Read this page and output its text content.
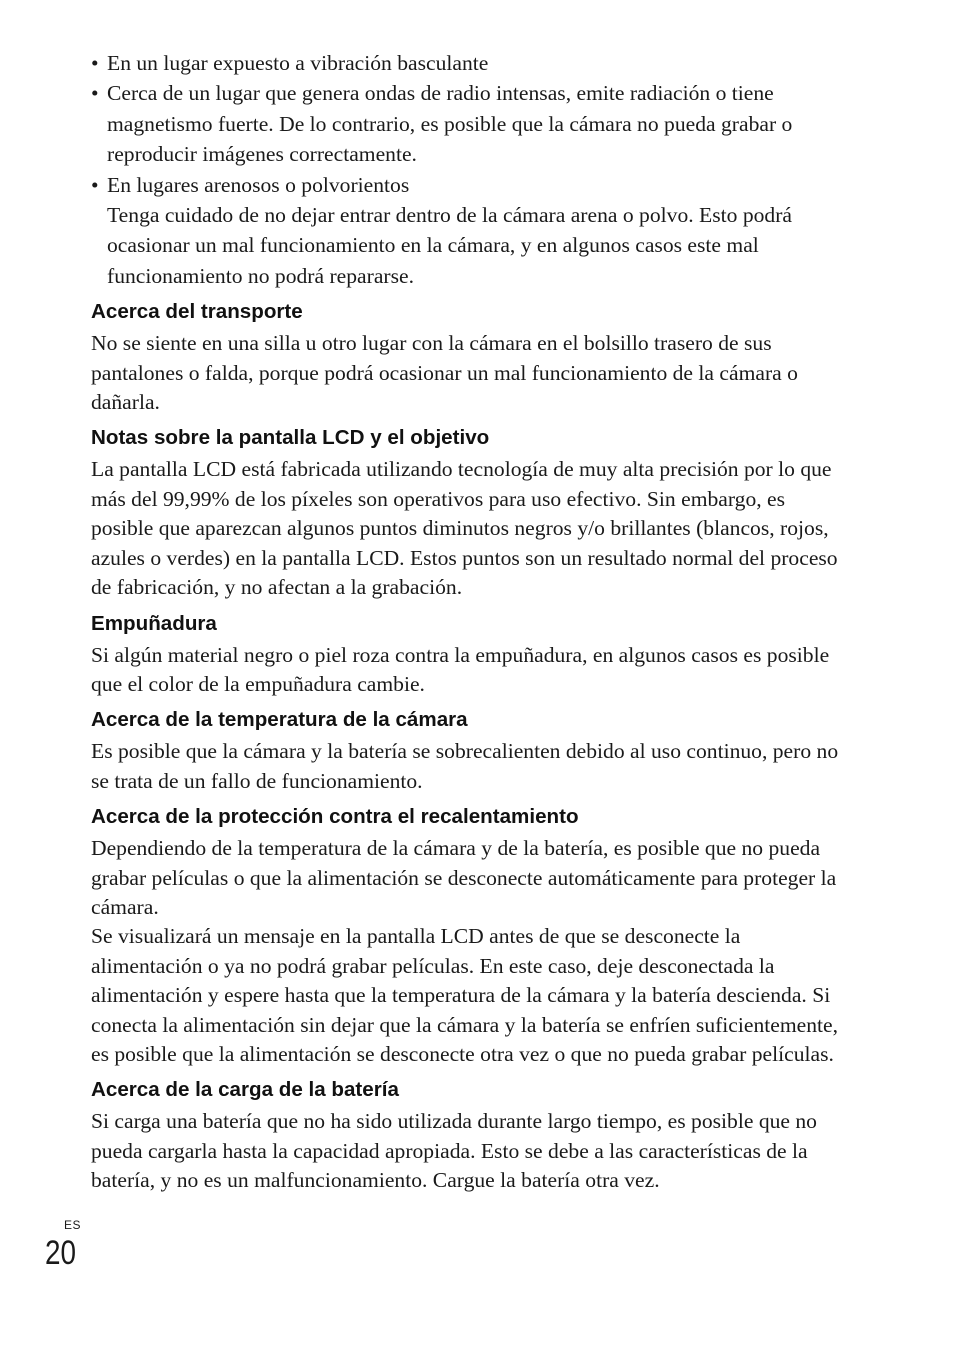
• En un lugar expuesto a vibración basculante
• Cerca de un lugar que genera ondas de radio intensas, emite radiación o tiene magnetismo fuerte. De lo contrario, es posible que la cámara no pueda grabar o reproducir imágenes correctamente.
• En lugares arenosos o polvorientos
Tenga cuidado de no dejar entrar dentro de la cámara arena o polvo. Esto podrá ocasionar un mal funcionamiento en la cámara, y en algunos casos este mal funcionamiento no podrá repararse.
Acerca del transporte

No se siente en una silla u otro lugar con la cámara en el bolsillo trasero de sus pantalones o falda, porque podrá ocasionar un mal funcionamiento de la cámara o dañarla.

Notas sobre la pantalla LCD y el objetivo

La pantalla LCD está fabricada utilizando tecnología de muy alta precisión por lo que más del 99,99% de los píxeles son operativos para uso efectivo. Sin embargo, es posible que aparezcan algunos puntos diminutos negros y/o brillantes (blancos, rojos, azules o verdes) en la pantalla LCD. Estos puntos son un resultado normal del proceso de fabricación, y no afectan a la grabación.

Empuñadura

Si algún material negro o piel roza contra la empuñadura, en algunos casos es posible que el color de la empuñadura cambie.

Acerca de la temperatura de la cámara

Es posible que la cámara y la batería se sobrecalienten debido al uso continuo, pero no se trata de un fallo de funcionamiento.

Acerca de la protección contra el recalentamiento

Dependiendo de la temperatura de la cámara y de la batería, es posible que no pueda grabar películas o que la alimentación se desconecte automáticamente para proteger la cámara.

Se visualizará un mensaje en la pantalla LCD antes de que se desconecte la alimentación o ya no podrá grabar películas. En este caso, deje desconectada la alimentación y espere hasta que la temperatura de la cámara y la batería descienda. Si conecta la alimentación sin dejar que la cámara y la batería se enfríen suficientemente, es posible que la alimentación se desconecte otra vez o que no pueda grabar películas.

Acerca de la carga de la batería

Si carga una batería que no ha sido utilizada durante largo tiempo, es posible que no pueda cargarla hasta la capacidad apropiada. Esto se debe a las características de la batería, y no es un malfuncionamiento. Cargue la batería otra vez.

ES
20
